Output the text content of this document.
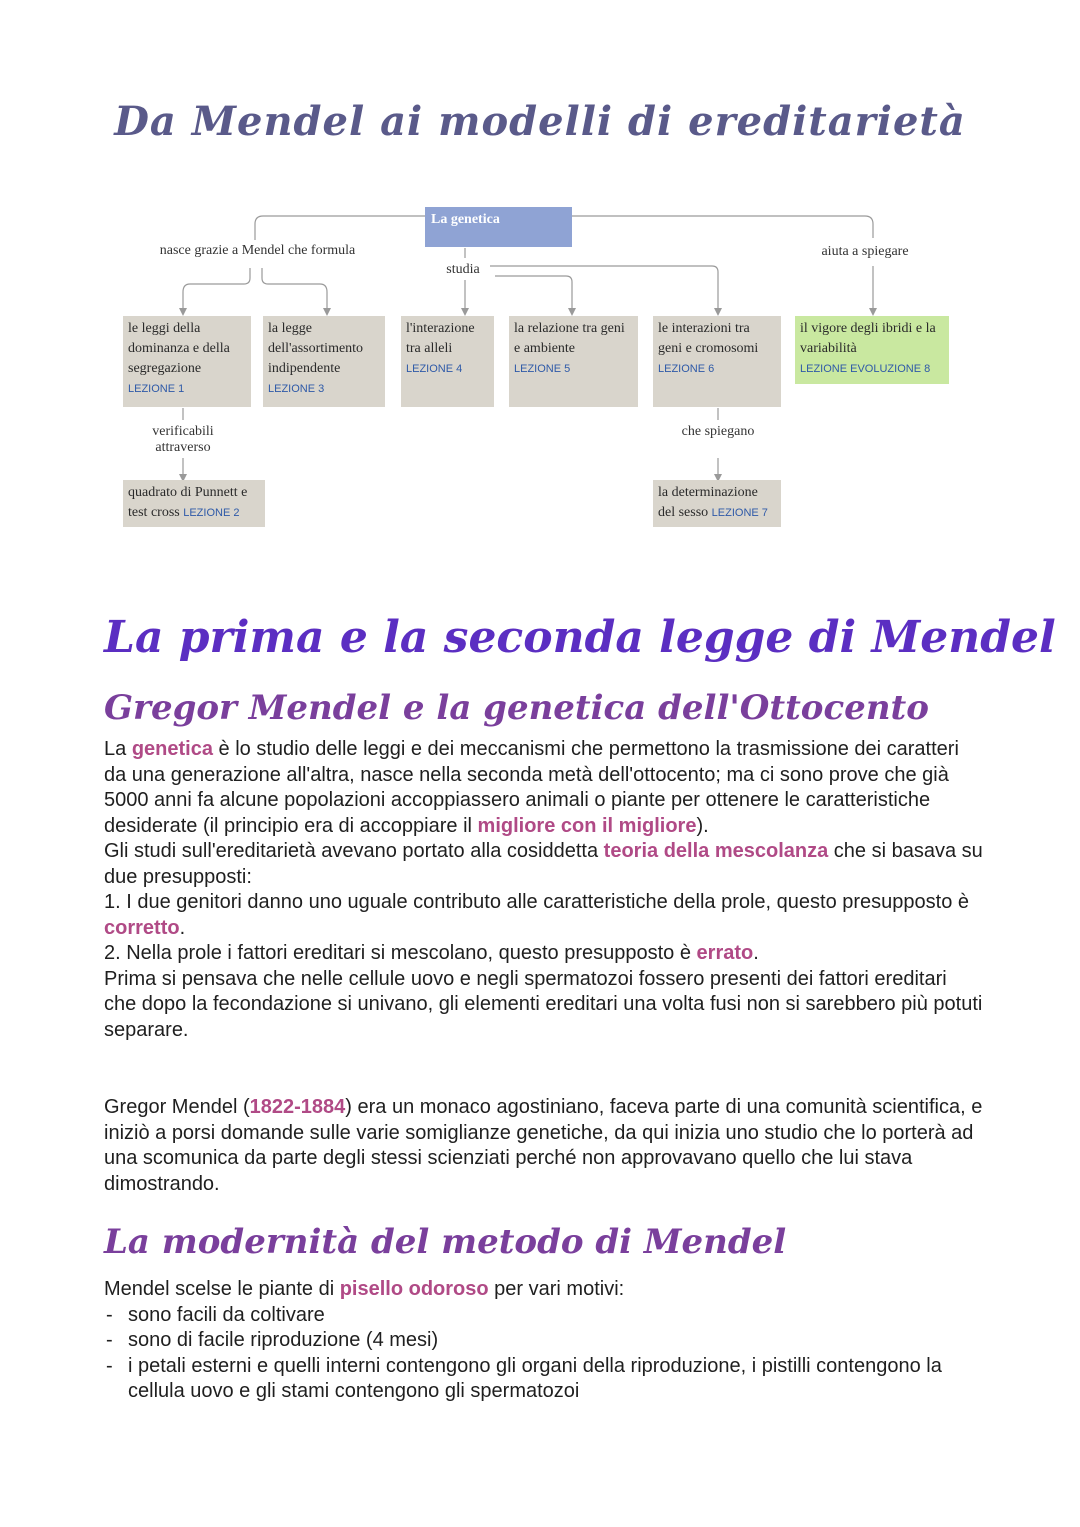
Da Mendel ai modelli di ereditarietà
La genetica
nasce grazie a Mendel che formula
studia
aiuta a spiegare
le leggi della dominanza e della segregazione
LEZIONE 1
la legge dell'assortimento indipendente
LEZIONE 3
l'interazione tra alleli
LEZIONE 4
la relazione tra geni e ambiente
LEZIONE 5
le interazioni tra geni e cromosomi
LEZIONE 6
il vigore degli ibridi e la variabilità
LEZIONE EVOLUZIONE 8
verificabili attraverso
che spiegano
quadrato di Punnett e test cross LEZIONE 2
la determinazione del sesso LEZIONE 7
La prima e la seconda legge di Mendel
Gregor Mendel e la genetica dell'Ottocento

La genetica è lo studio delle leggi e dei meccanismi che permettono la trasmissione dei caratteri da una generazione all'altra, nasce nella seconda metà dell'ottocento; ma ci sono prove che già 5000 anni fa alcune popolazioni accoppiassero animali o piante per ottenere le caratteristiche desiderate (il principio era di accoppiare il migliore con il migliore).

Gli studi sull'ereditarietà avevano portato alla cosiddetta teoria della mescolanza che si basava su due presupposti:

1. I due genitori danno uno uguale contributo alle caratteristiche della prole, questo presupposto è corretto.

2. Nella prole i fattori ereditari si mescolano, questo presupposto è errato.

Prima si pensava che nelle cellule uovo e negli spermatozoi fossero presenti dei fattori ereditari che dopo la fecondazione si univano, gli elementi ereditari una volta fusi non si sarebbero più potuti separare.

Gregor Mendel (1822-1884) era un monaco agostiniano, faceva parte di una comunità scientifica, e iniziò a porsi domande sulle varie somiglianze genetiche, da qui inizia uno studio che lo porterà ad una scomunica da parte degli stessi scienziati perché non approvavano quello che lui stava dimostrando.

La modernità del metodo di Mendel

Mendel scelse le piante di pisello odoroso per vari motivi:

- sono facili da coltivare
- sono di facile riproduzione (4 mesi)
- i petali esterni e quelli interni contengono gli organi della riproduzione, i pistilli contengono la cellula uovo e gli stami contengono gli spermatozoi
